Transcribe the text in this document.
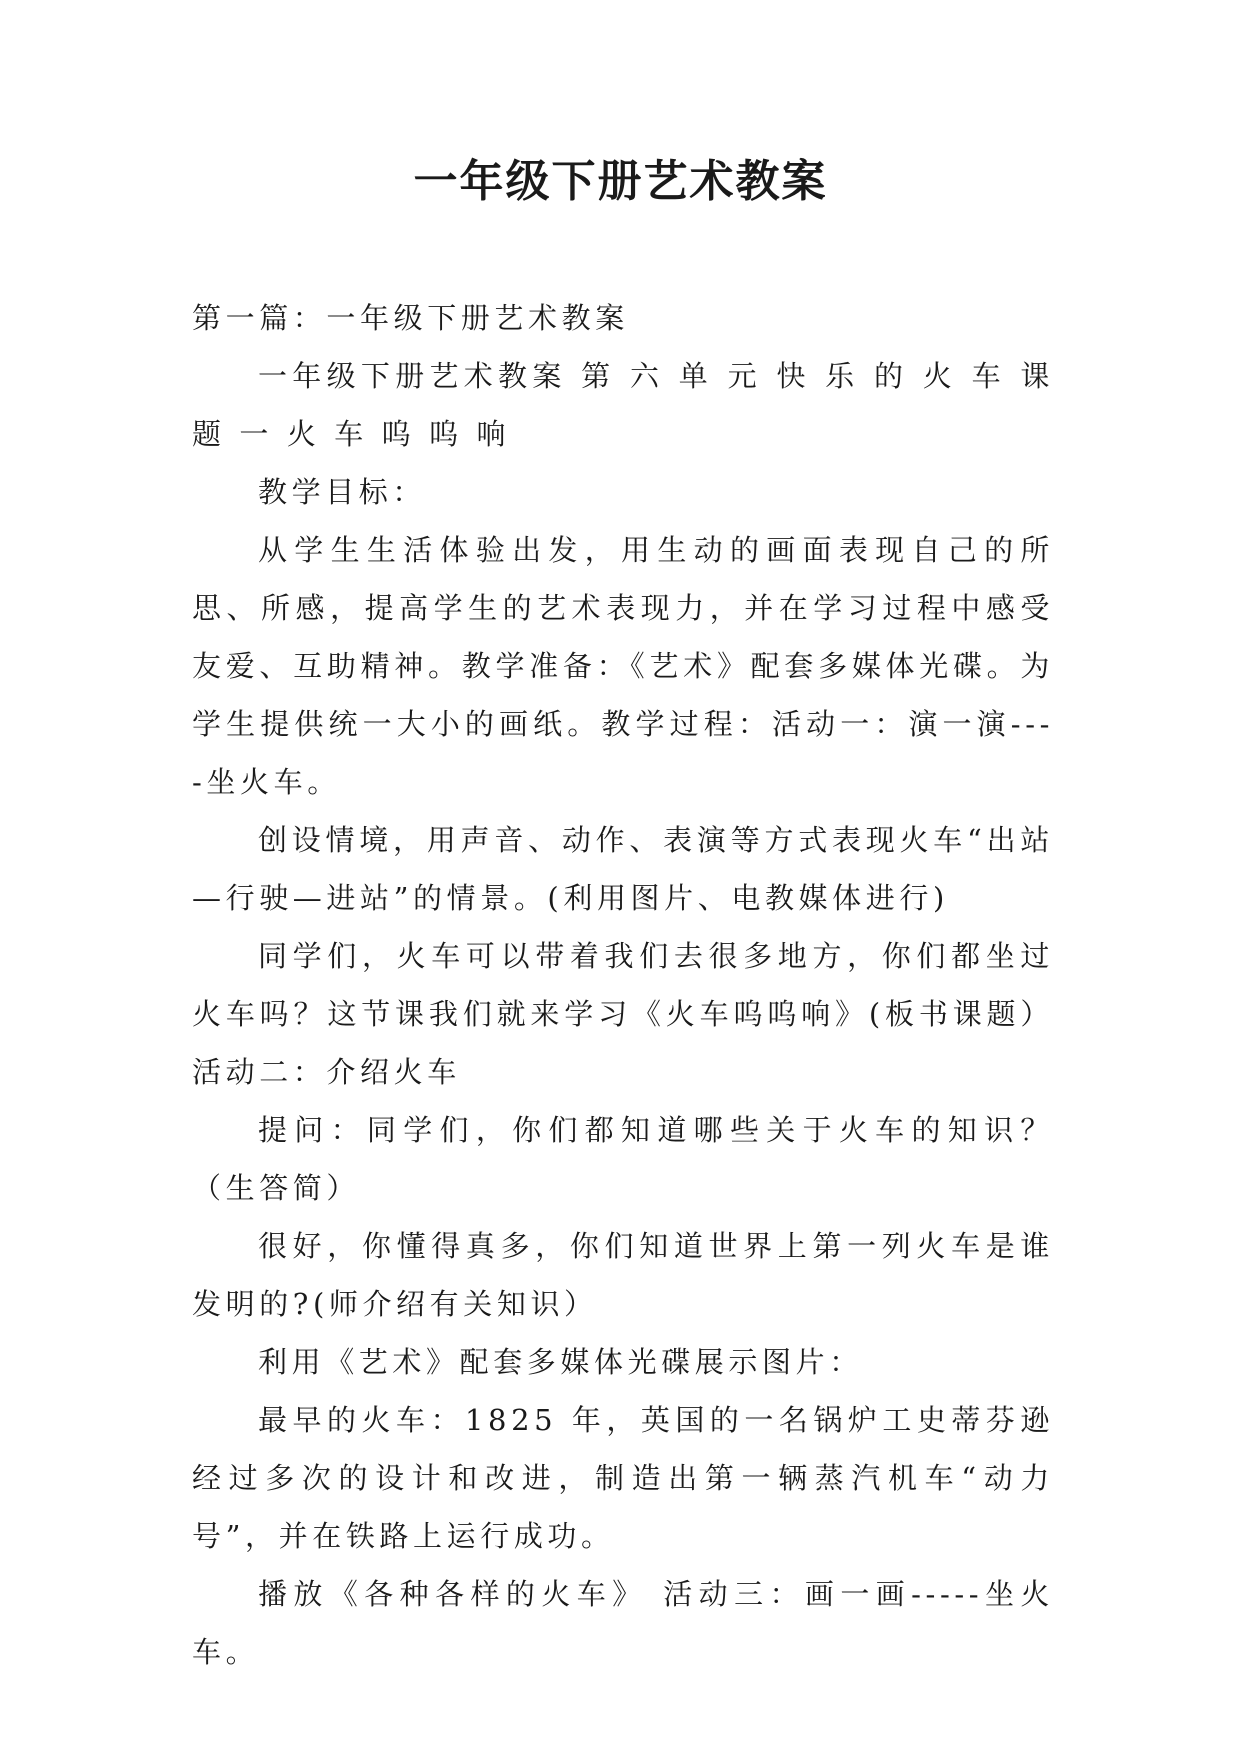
一年级下册艺术教案

第一篇：一年级下册艺术教案

一年级下册艺术教案 第 六 单 元 快 乐 的 火 车 课 题 一 火 车 呜 呜 响

教学目标：

从学生生活体验出发，用生动的画面表现自己的所思、所感，提高学生的艺术表现力，并在学习过程中感受友爱、互助精神。教学准备：《艺术》配套多媒体光碟。为学生提供统一大小的画纸。教学过程：活动一：演一演----坐火车。

创设情境，用声音、动作、表演等方式表现火车“出站—行驶—进站”的情景。(利用图片、电教媒体进行)

同学们，火车可以带着我们去很多地方，你们都坐过火车吗？这节课我们就来学习《火车呜呜响》(板书课题）活动二：介绍火车

提问：同学们，你们都知道哪些关于火车的知识？（生答简）

很好，你懂得真多，你们知道世界上第一列火车是谁发明的?(师介绍有关知识）

利用《艺术》配套多媒体光碟展示图片：

最早的火车：1825 年，英国的一名锅炉工史蒂芬逊经过多次的设计和改进，制造出第一辆蒸汽机车“动力号”，并在铁路上运行成功。

播放《各种各样的火车》 活动三：画一画-----坐火车。
